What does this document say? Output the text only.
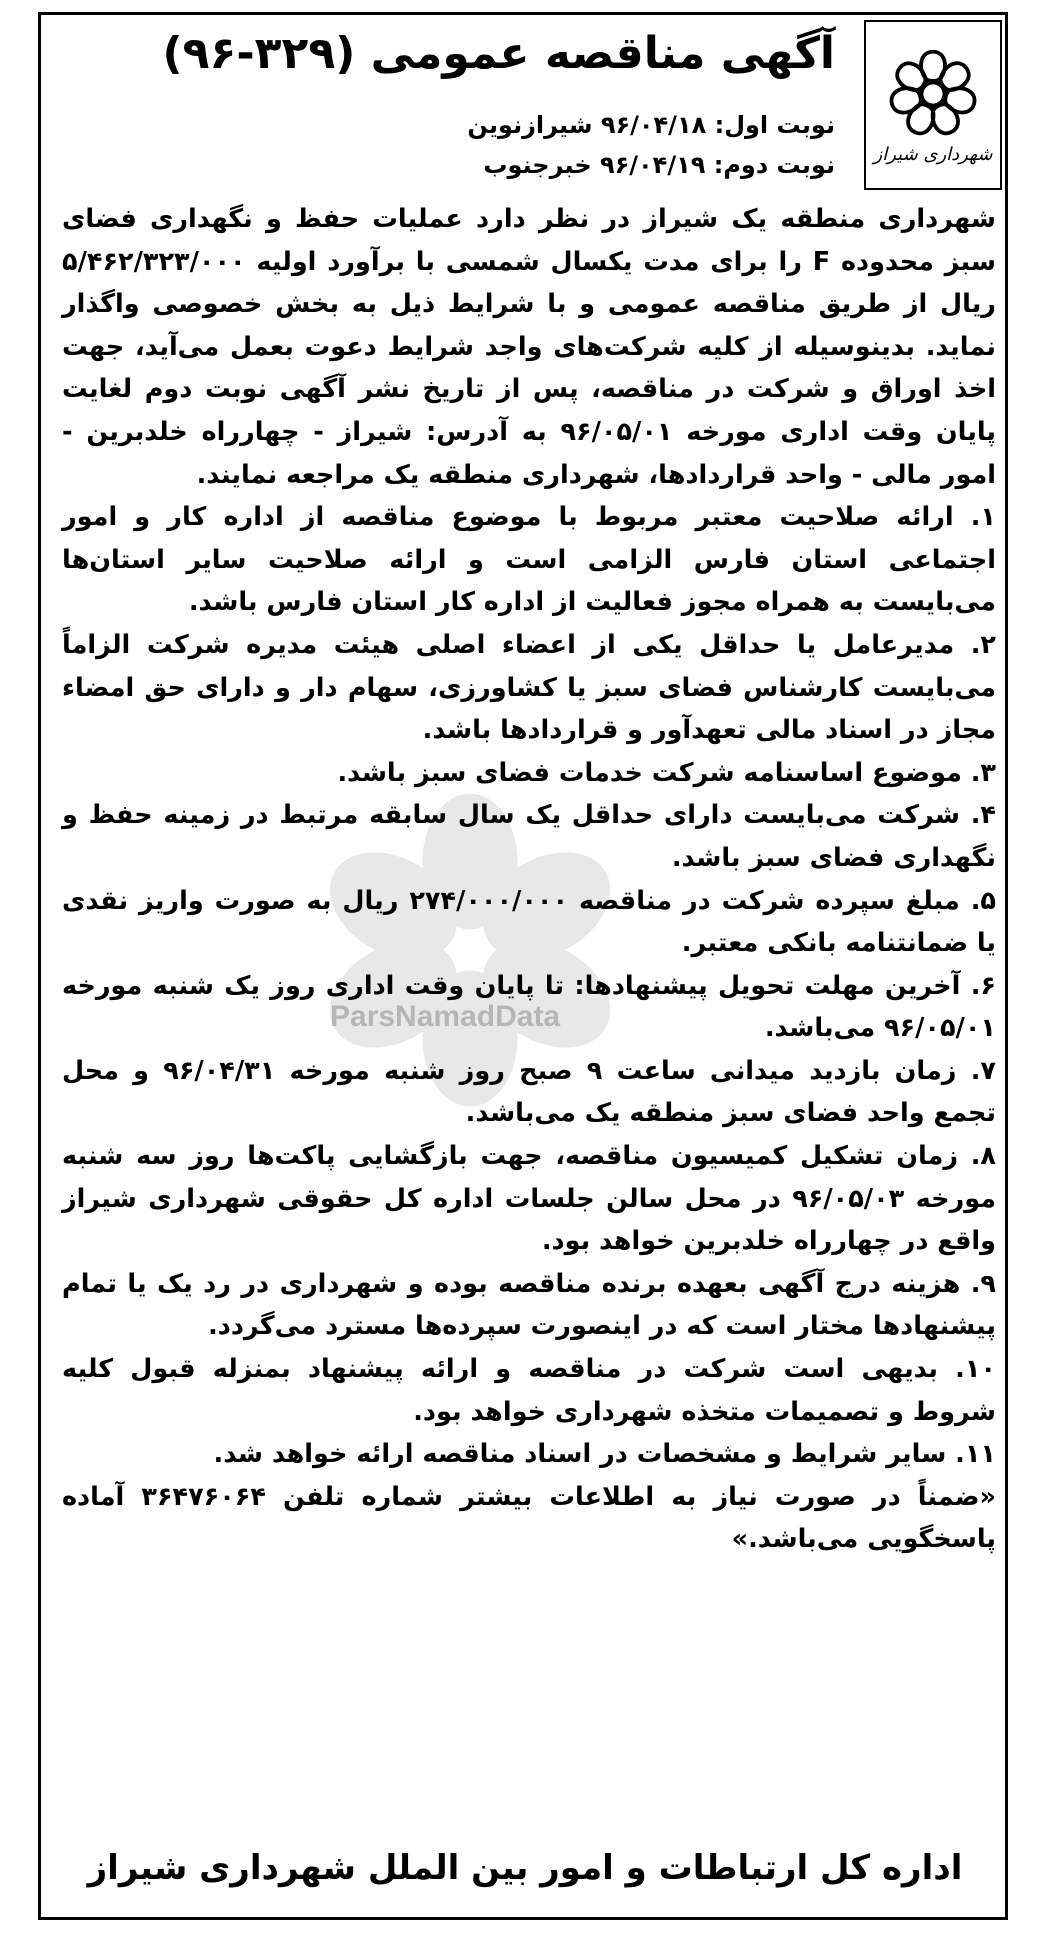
شهرداری شیراز
آگهی مناقصه عمومی (۳۲۹-۹۶)
نوبت اول: ۹۶/۰۴/۱۸ شیرازنوین
نوبت دوم: ۹۶/۰۴/۱۹ خبرجنوب
ParsNamadData

شهرداری منطقه یک شیراز در نظر دارد عملیات حفظ و نگهداری فضای سبز محدوده F را برای مدت یکسال شمسی با برآورد اولیه ۵/۴۶۲/۳۲۳/۰۰۰ ریال از طریق مناقصه عمومی و با شرایط ذیل به بخش خصوصی واگذار نماید. بدینوسیله از کلیه شرکت‌های واجد شرایط دعوت بعمل می‌آید، جهت اخذ اوراق و شرکت در مناقصه، پس از تاریخ نشر آگهی نوبت دوم لغایت پایان وقت اداری مورخه ۹۶/۰۵/۰۱ به آدرس: شیراز - چهارراه خلدبرین - امور مالی - واحد قراردادها، شهرداری منطقه یک مراجعه نمایند.

۱. ارائه صلاحیت معتبر مربوط با موضوع مناقصه از اداره کار و امور اجتماعی استان فارس الزامی است و ارائه صلاحیت سایر استان‌ها می‌بایست به همراه مجوز فعالیت از اداره کار استان فارس باشد.

۲. مدیرعامل یا حداقل یکی از اعضاء اصلی هیئت مدیره شرکت الزاماً می‌بایست کارشناس فضای سبز یا کشاورزی، سهام دار و دارای حق امضاء مجاز در اسناد مالی تعهدآور و قراردادها باشد.

۳. موضوع اساسنامه شرکت خدمات فضای سبز باشد.

۴. شرکت می‌بایست دارای حداقل یک سال سابقه مرتبط در زمینه حفظ و نگهداری فضای سبز باشد.

۵. مبلغ سپرده شرکت در مناقصه ۲۷۴/۰۰۰/۰۰۰ ریال به صورت واریز نقدی یا ضمانتنامه بانکی معتبر.

۶. آخرین مهلت تحویل پیشنهادها: تا پایان وقت اداری روز یک شنبه مورخه ۹۶/۰۵/۰۱ می‌باشد.

۷. زمان بازدید میدانی ساعت ۹ صبح روز شنبه مورخه ۹۶/۰۴/۳۱ و محل تجمع واحد فضای سبز منطقه یک می‌باشد.

۸. زمان تشکیل کمیسیون مناقصه، جهت بازگشایی پاکت‌ها روز سه شنبه مورخه ۹۶/۰۵/۰۳ در محل سالن جلسات اداره کل حقوقی شهرداری شیراز واقع در چهارراه خلدبرین خواهد بود.

۹. هزینه درج آگهی بعهده برنده مناقصه بوده و شهرداری در رد یک یا تمام پیشنهادها مختار است که در اینصورت سپرده‌ها مسترد می‌گردد.

۱۰. بدیهی است شرکت در مناقصه و ارائه پیشنهاد بمنزله قبول کلیه شروط و تصمیمات متخذه شهرداری خواهد بود.

۱۱. سایر شرایط و مشخصات در اسناد مناقصه ارائه خواهد شد.

«ضمناً در صورت نیاز به اطلاعات بیشتر شماره تلفن ۳۶۴۷۶۰۶۴ آماده پاسخگویی می‌باشد.»

اداره کل ارتباطات و امور بین الملل شهرداری شیراز
